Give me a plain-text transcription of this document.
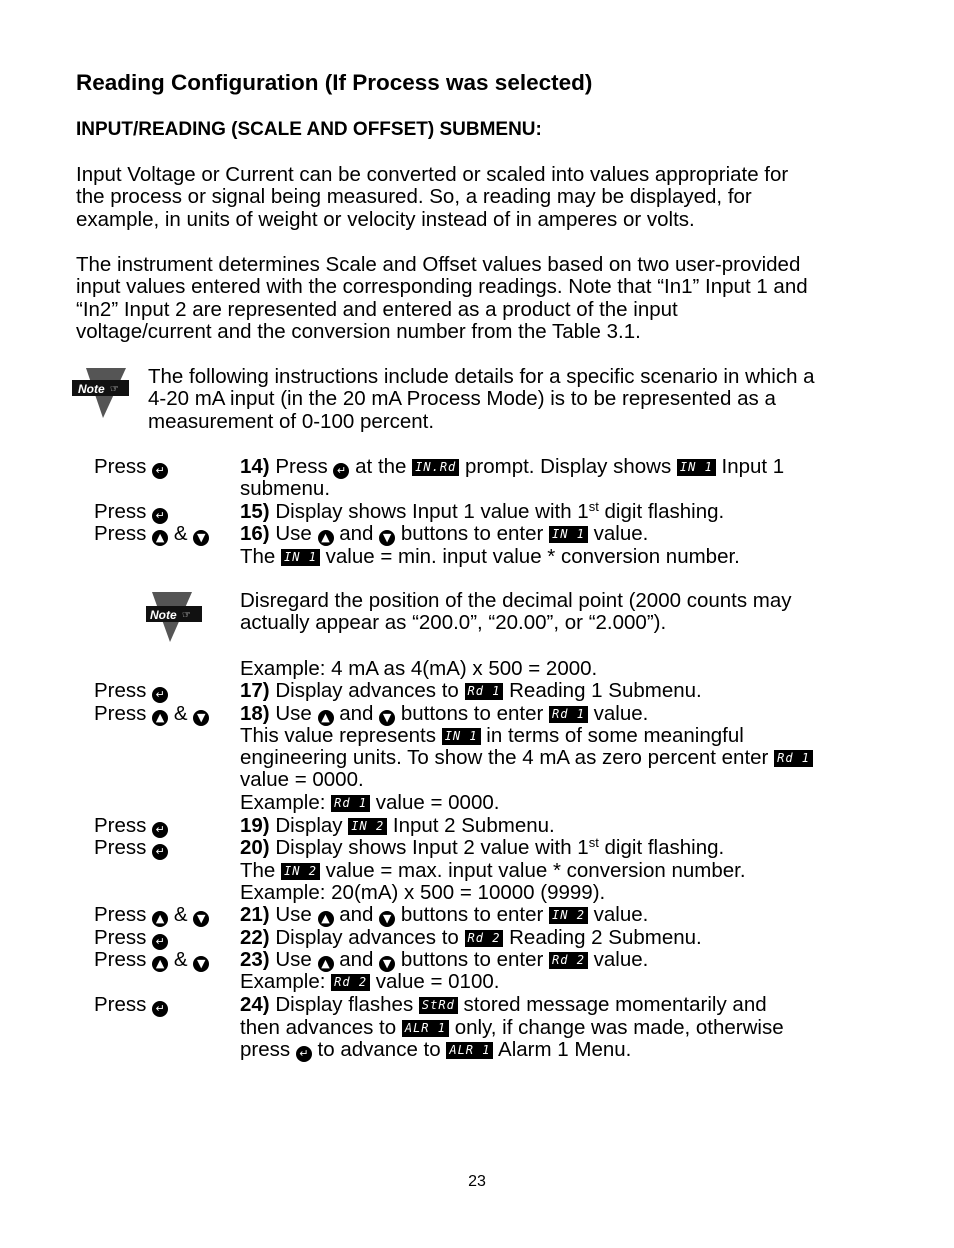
Reading Configuration (If Process was selected)
INPUT/READING (SCALE AND OFFSET) SUBMENU:
Input Voltage or Current can be converted or scaled into values appropriate for
the process or signal being measured. So, a reading may be displayed, for
example, in units of weight or velocity instead of in amperes or volts.
The instrument determines Scale and Offset values based on two user-provided
input values entered with the corresponding readings. Note that “In1” Input 1 and
“In2” Input 2 are represented and entered as a product of the input
voltage/current and the conversion number from the Table 3.1.
Note ☞
The following instructions include details for a specific scenario in which a
4-20 mA input (in the 20 mA Process Mode) is to be represented as a
measurement of 0-100 percent.
Press ↵	14) Press ↵ at the IN.Rd prompt. Display shows IN 1 Input 1
submenu.
Press ↵	15) Display shows Input 1 value with 1st digit flashing.
Press ▲ & ▼ 16) Use ▲ and ▼ buttons to enter IN 1 value.
The IN 1 value = min. input value * conversion number.
Note ☞
Disregard the position of the decimal point (2000 counts may
actually appear as “200.0”, “20.00”, or “2.000”).
Example: 4 mA as 4(mA) x 500 = 2000.
Press ↵	17) Display advances to Rd 1 Reading 1 Submenu.
Press ▲ & ▼ 18) Use ▲ and ▼ buttons to enter Rd 1 value.
This value represents IN 1 in terms of some meaningful
engineering units. To show the 4 mA as zero percent enter Rd 1
value = 0000.
Example: Rd 1 value = 0000.
Press ↵	19) Display IN 2 Input 2 Submenu.
Press ↵	20) Display shows Input 2 value with 1st digit flashing.
The IN 2 value = max. input value * conversion number.
Example: 20(mA) x 500 = 10000 (9999).
Press ▲ & ▼ 21) Use ▲ and ▼ buttons to enter IN 2 value.
Press ↵	22) Display advances to Rd 2 Reading 2 Submenu.
Press ▲ & ▼ 23) Use ▲ and ▼ buttons to enter Rd 2 value.
Example: Rd 2 value = 0100.
Press ↵	24) Display flashes StRd stored message momentarily and
then advances to ALR 1 only, if change was made, otherwise
press ↵ to advance to ALR 1 Alarm 1 Menu.
23
